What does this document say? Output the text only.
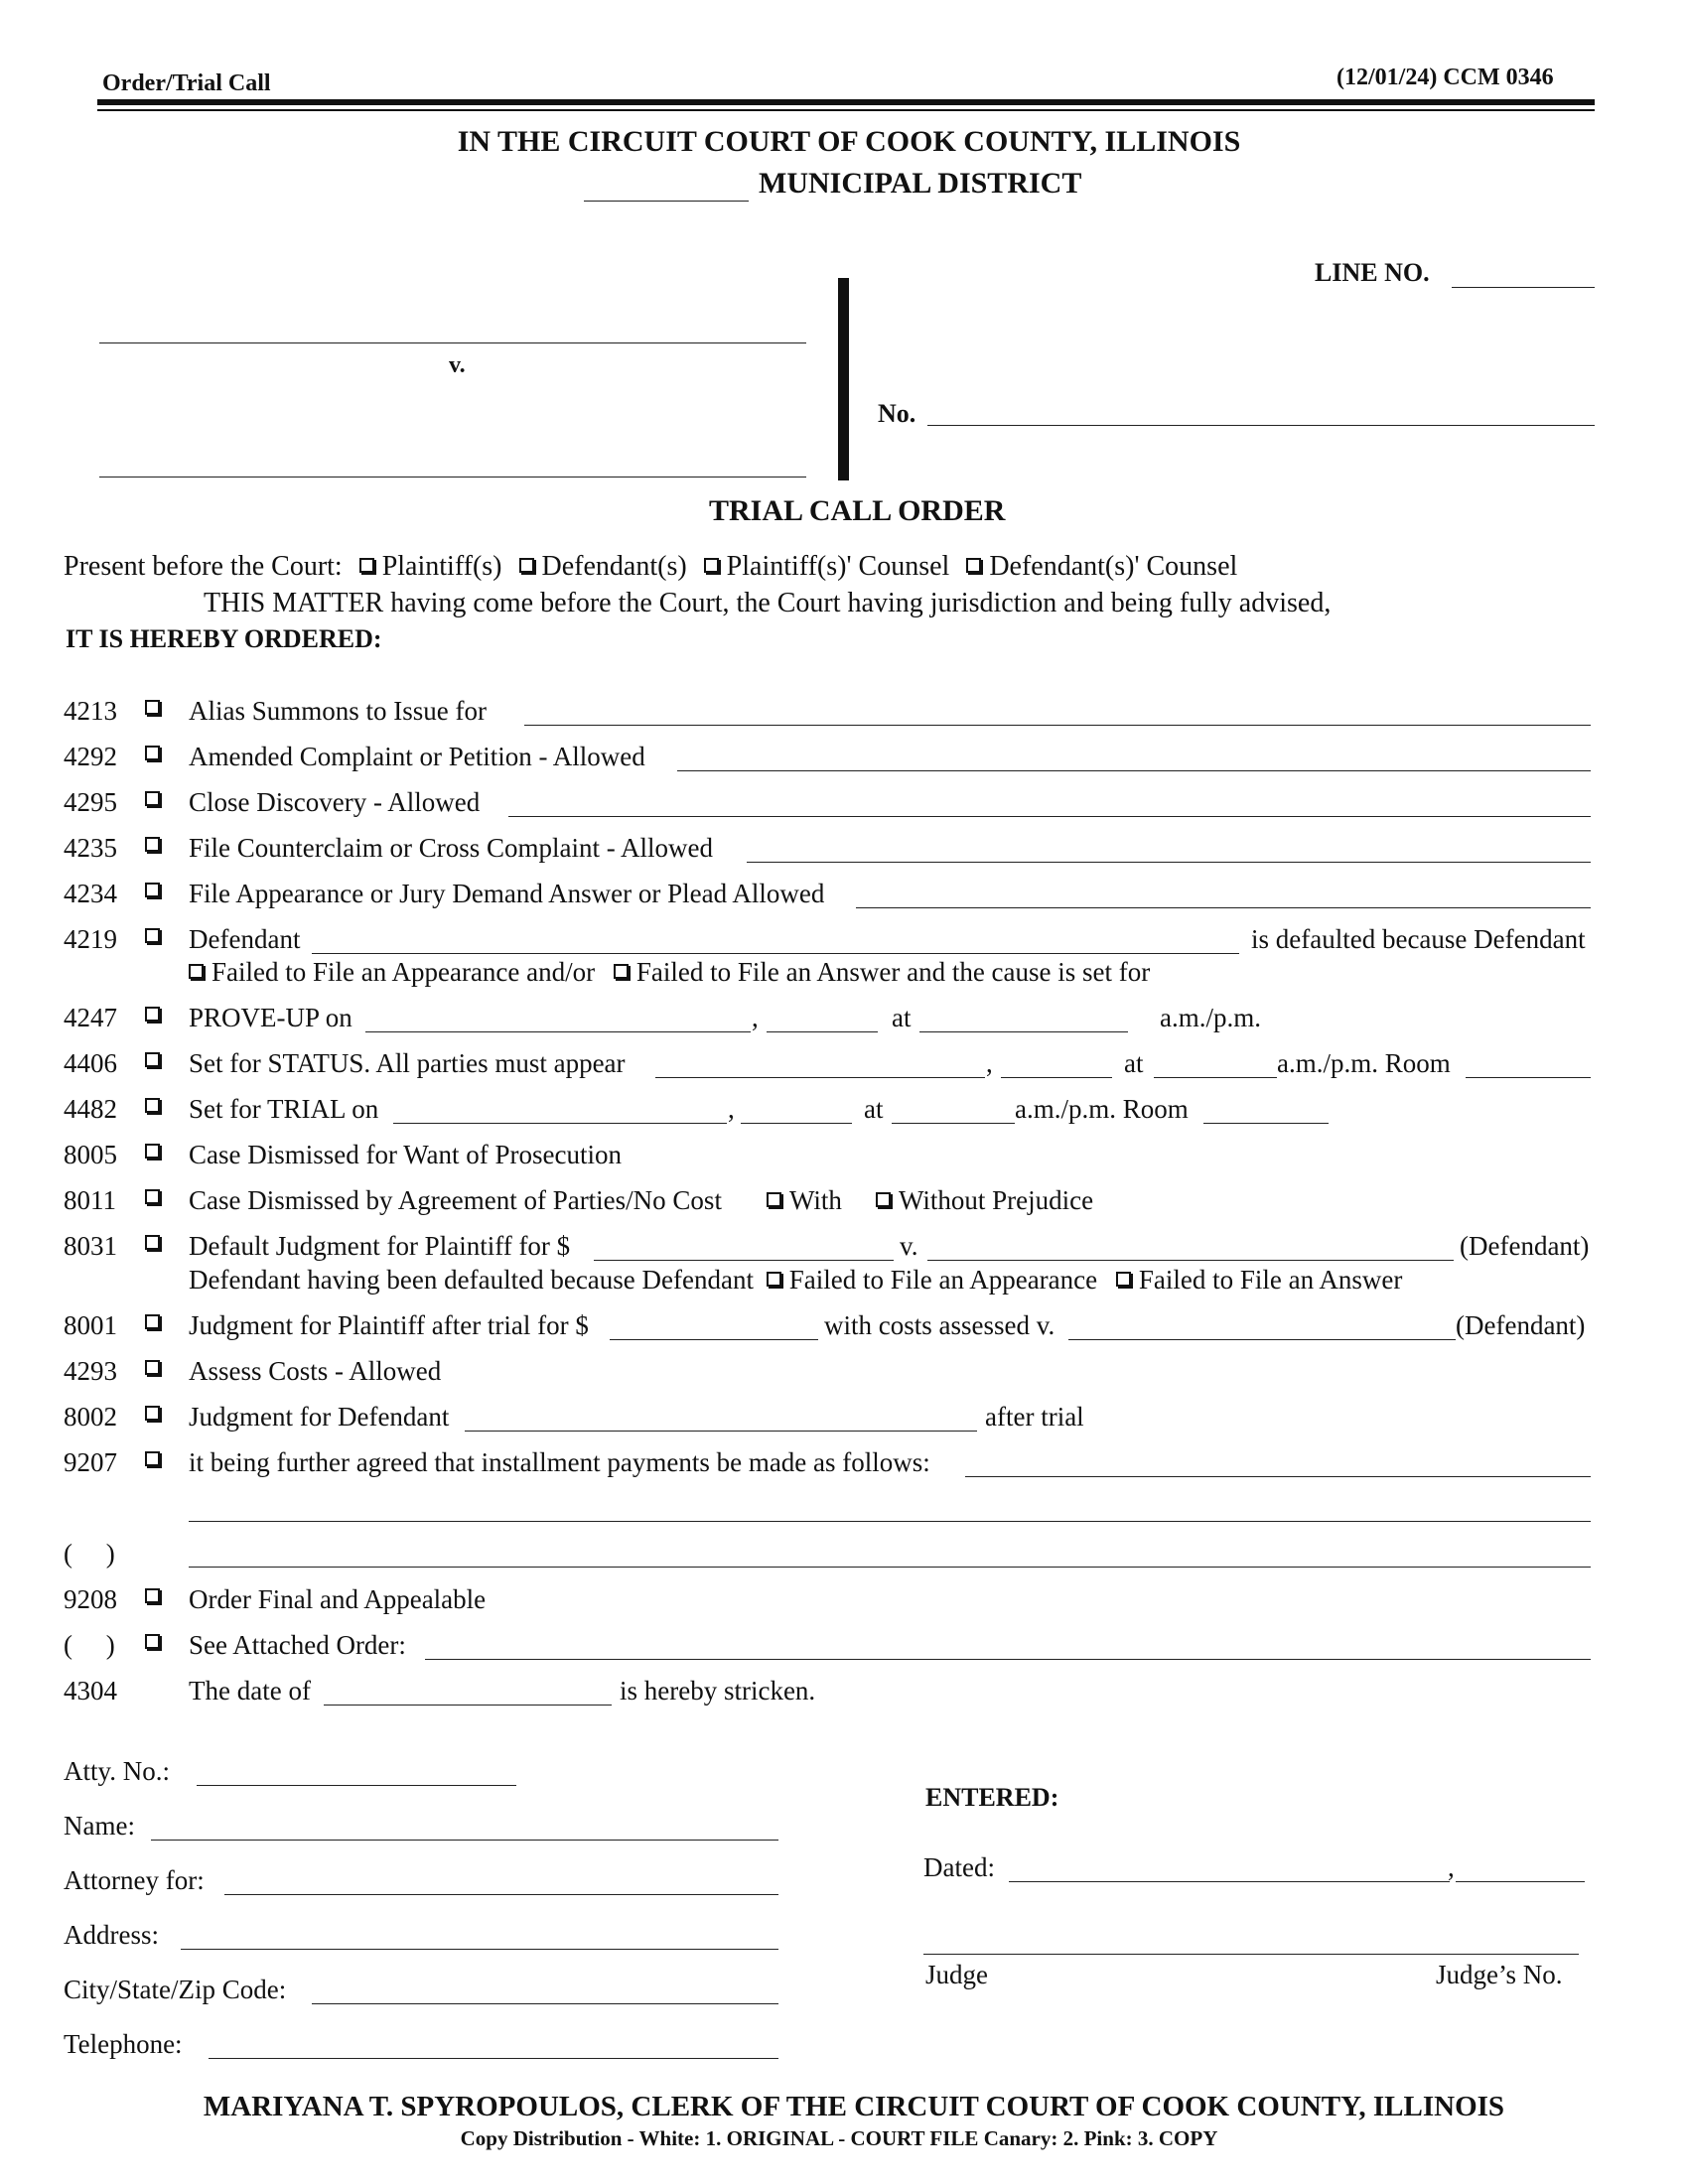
Order/Trial Call	(12/01/24) CCM 0346
IN THE CIRCUIT COURT OF COOK COUNTY, ILLINOIS
MUNICIPAL DISTRICT
LINE NO.
v.
No.
TRIAL CALL ORDER
Present before the Court: Plaintiff(s) Defendant(s) Plaintiff(s)' Counsel Defendant(s)' Counsel
THIS MATTER having come before the Court, the Court having jurisdiction and being fully advised,
IT IS HEREBY ORDERED:
4213	Alias Summons to Issue for
4292	Amended Complaint or Petition - Allowed
4295	Close Discovery - Allowed
4235	File Counterclaim or Cross Complaint - Allowed
4234	File Appearance or Jury Demand Answer or Plead Allowed
4219	Defendant	is defaulted because Defendant
Failed to File an Appearance and/or Failed to File an Answer and the cause is set for
4247	PROVE-UP on	,	at	a.m./p.m.
4406	Set for STATUS. All parties must appear	,	at	a.m./p.m. Room
4482	Set for TRIAL on	,	at	a.m./p.m. Room
8005	Case Dismissed for Want of Prosecution
8011	Case Dismissed by Agreement of Parties/No Cost	With	Without Prejudice
8031	Default Judgment for Plaintiff for $	v.	(Defendant)
Defendant having been defaulted because Defendant Failed to File an Appearance Failed to File an Answer
8001	Judgment for Plaintiff after trial for $	with costs assessed v.	(Defendant)
4293	Assess Costs - Allowed
8002	Judgment for Defendant	after trial
9207	it being further agreed that installment payments be made as follows:
(     )
9208	Order Final and Appealable
(     )	See Attached Order:
4304	The date of	is hereby stricken.
Atty. No.:
Name:
Attorney for:
Address:
City/State/Zip Code:
Telephone:
ENTERED:
Dated:	,
Judge	Judge’s No.
MARIYANA T. SPYROPOULOS, CLERK OF THE CIRCUIT COURT OF COOK COUNTY, ILLINOIS
Copy Distribution - White: 1. ORIGINAL - COURT FILE Canary: 2. Pink: 3. COPY
